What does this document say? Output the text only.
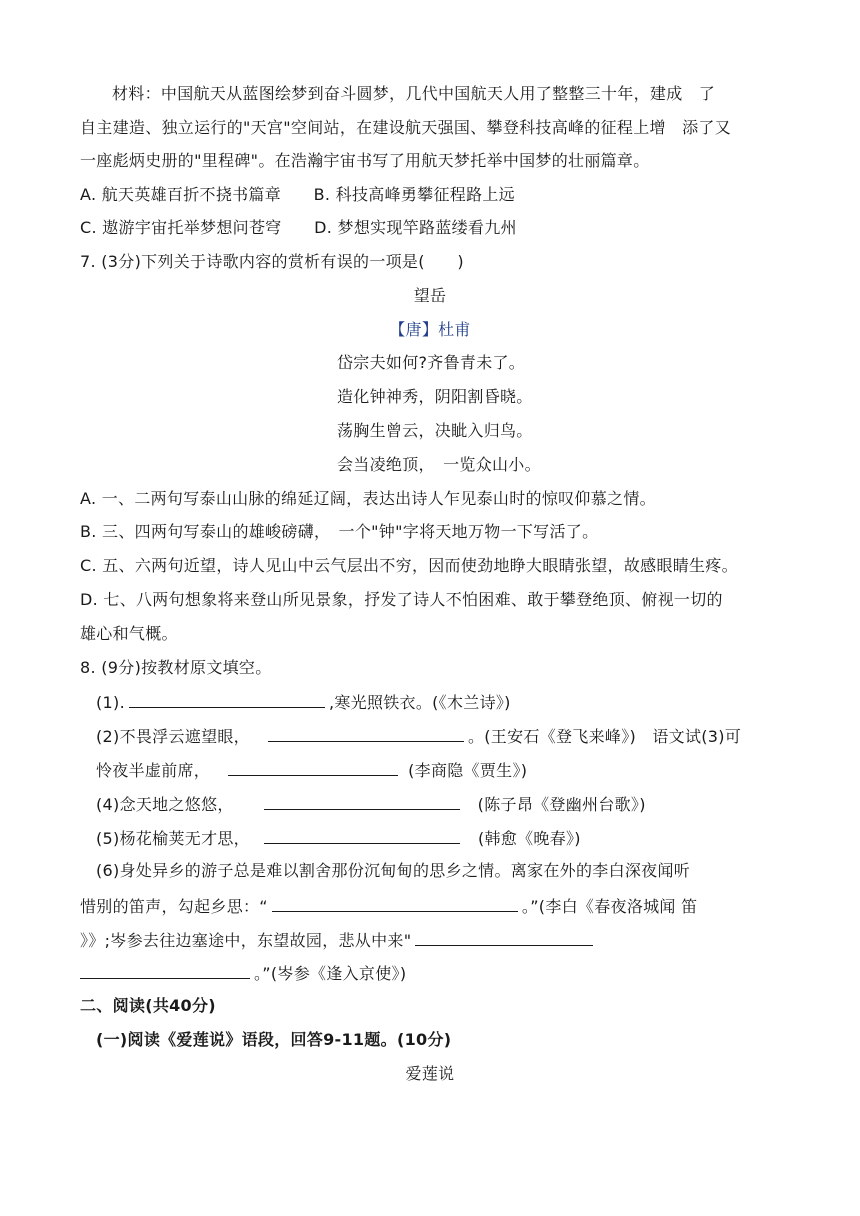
材料：中国航天从蓝图绘梦到奋斗圆梦，几代中国航天人用了整整三十年，建成　了
自主建造、独立运行的"天宫"空间站，在建设航天强国、攀登科技高峰的征程上增　添了又
一座彪炳史册的"里程碑"。在浩瀚宇宙书写了用航天梦托举中国梦的壮丽篇章。
A. 航天英雄百折不挠书篇章　　B. 科技高峰勇攀征程路上远
C. 遨游宇宙托举梦想问苍穹　　D. 梦想实现竿路蓝缕看九州
7. (3分)下列关于诗歌内容的赏析有误的一项是(　　)
望岳
【唐】杜甫
岱宗夫如何?齐鲁青未了。
造化钟神秀，阴阳割昏晓。
荡胸生曾云，决眦入归鸟。
会当凌绝顶，　一览众山小。
A. 一、二两句写泰山山脉的绵延辽阔，表达出诗人乍见泰山时的惊叹仰慕之情。
B. 三、四两句写泰山的雄峻磅礴，　一个"钟"字将天地万物一下写活了。
C. 五、六两句近望，诗人见山中云气层出不穷，因而使劲地睁大眼睛张望，故感眼睛生疼。
D. 七、八两句想象将来登山所见景象，抒发了诗人不怕困难、敢于攀登绝顶、俯视一切的
雄心和气概。
8. (9分)按教材原文填空。
(1).	,寒光照铁衣。(《木兰诗》)
(2)不畏浮云遮望眼，	。(王安石《登飞来峰》)　语文试(3)可
怜夜半虚前席，	(李商隐《贾生》)
(4)念天地之悠悠，	(陈子昂《登幽州台歌》)
(5)杨花榆荚无才思，	(韩愈《晚春》)
(6)身处异乡的游子总是难以割舍那份沉甸甸的思乡之情。离家在外的李白深夜闻听
惜别的笛声，勾起乡思：“	。”(李白《春夜洛城闻 笛
》》;岑参去往边塞途中，东望故园，悲从中来"
。”(岑参《逢入京使》)
二、阅读(共40分)
(一)阅读《爱莲说》语段，回答9-11题。(10分)
爱莲说
